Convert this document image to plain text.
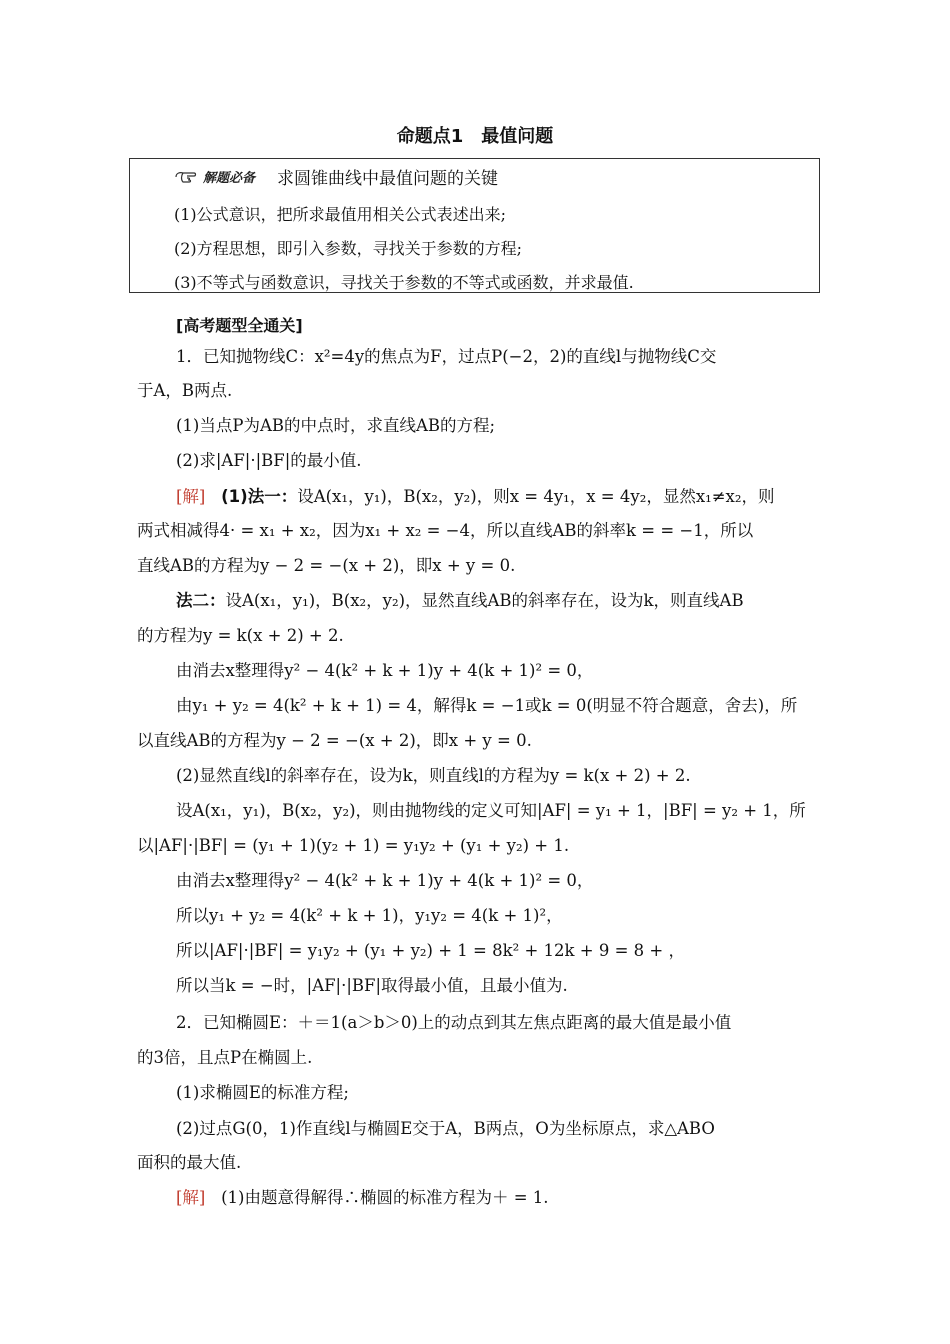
命题点1　最值问题
解题必备 求圆锥曲线中最值问题的关键
(1)公式意识，把所求最值用相关公式表述出来;
(2)方程思想，即引入参数，寻找关于参数的方程;
(3)不等式与函数意识，寻找关于参数的不等式或函数，并求最值.
[高考题型全通关]
1．已知抛物线C：x²=4y的焦点为F，过点P(−2，2)的直线l与抛物线C交
于A，B两点.
(1)当点P为AB的中点时，求直线AB的方程;
(2)求|AF|·|BF|的最小值.
[解] (1)法一：设A(x₁，y₁)，B(x₂，y₂)，则x = 4y₁，x = 4y₂，显然x₁≠x₂，则
两式相减得4· = x₁ + x₂，因为x₁ + x₂ = −4，所以直线AB的斜率k = = −1，所以
直线AB的方程为y − 2 = −(x + 2)，即x + y = 0.
法二：设A(x₁，y₁)，B(x₂，y₂)，显然直线AB的斜率存在，设为k，则直线AB
的方程为y = k(x + 2) + 2.
由消去x整理得y² − 4(k² + k + 1)y + 4(k + 1)² = 0，
由y₁ + y₂ = 4(k² + k + 1) = 4，解得k = −1或k = 0(明显不符合题意，舍去)，所
以直线AB的方程为y − 2 = −(x + 2)，即x + y = 0.
(2)显然直线l的斜率存在，设为k，则直线l的方程为y = k(x + 2) + 2.
设A(x₁，y₁)，B(x₂，y₂)，则由抛物线的定义可知|AF| = y₁ + 1，|BF| = y₂ + 1，所
以|AF|·|BF| = (y₁ + 1)(y₂ + 1) = y₁y₂ + (y₁ + y₂) + 1.
由消去x整理得y² − 4(k² + k + 1)y + 4(k + 1)² = 0，
所以y₁ + y₂ = 4(k² + k + 1)，y₁y₂ = 4(k + 1)²，
所以|AF|·|BF| = y₁y₂ + (y₁ + y₂) + 1 = 8k² + 12k + 9 = 8 + ，
所以当k = −时，|AF|·|BF|取得最小值，且最小值为.
2．已知椭圆E：＋＝1(a＞b＞0)上的动点到其左焦点距离的最大值是最小值
的3倍，且点P在椭圆上.
(1)求椭圆E的标准方程;
(2)过点G(0，1)作直线l与椭圆E交于A，B两点，O为坐标原点，求△ABO
面积的最大值.
[解] (1)由题意得解得∴椭圆的标准方程为＋ = 1.
